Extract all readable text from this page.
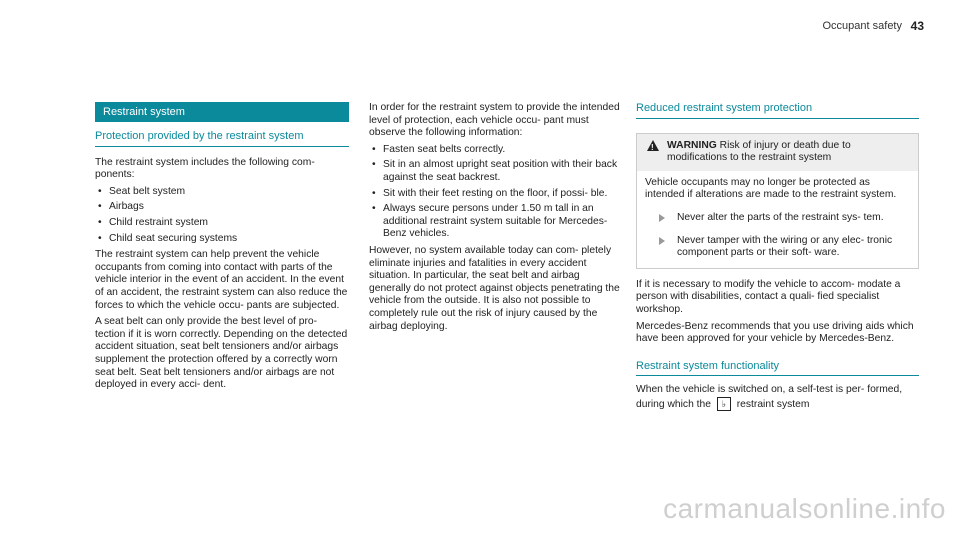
Occupant safety 43
Restraint system
Protection provided by the restraint system

The restraint system includes the following com- ponents:

• Seat belt system
• Airbags
• Child restraint system
• Child seat securing systems

The restraint system can help prevent the vehicle occupants from coming into contact with parts of the vehicle interior in the event of an accident. In the event of an accident, the restraint system can also reduce the forces to which the vehicle occu- pants are subjected.

A seat belt can only provide the best level of pro- tection if it is worn correctly. Depending on the detected accident situation, seat belt tensioners and/or airbags supplement the protection offered by a correctly worn seat belt. Seat belt tensioners and/or airbags are not deployed in every acci- dent.

In order for the restraint system to provide the intended level of protection, each vehicle occu- pant must observe the following information:

• Fasten seat belts correctly.
• Sit in an almost upright seat position with their back against the seat backrest.
• Sit with their feet resting on the floor, if possi- ble.
• Always secure persons under 1.50 m tall in an additional restraint system suitable for Mercedes-Benz vehicles.

However, no system available today can com- pletely eliminate injuries and fatalities in every accident situation. In particular, the seat belt and airbag generally do not protect against objects penetrating the vehicle from the outside. It is also not possible to completely rule out the risk of injury caused by the airbag deploying.

Reduced restraint system protection
! WARNING Risk of injury or death due to modifications to the restraint system

Vehicle occupants may no longer be protected as intended if alterations are made to the restraint system.

Never alter the parts of the restraint sys- tem.
Never tamper with the wiring or any elec- tronic component parts or their soft- ware.

If it is necessary to modify the vehicle to accom- modate a person with disabilities, contact a quali- fied specialist workshop.

Mercedes-Benz recommends that you use driving aids which have been approved for your vehicle by Mercedes-Benz.

Restraint system functionality

When the vehicle is switched on, a self-test is per- formed, during which the ♭ restraint system

carmanualsonline.info
